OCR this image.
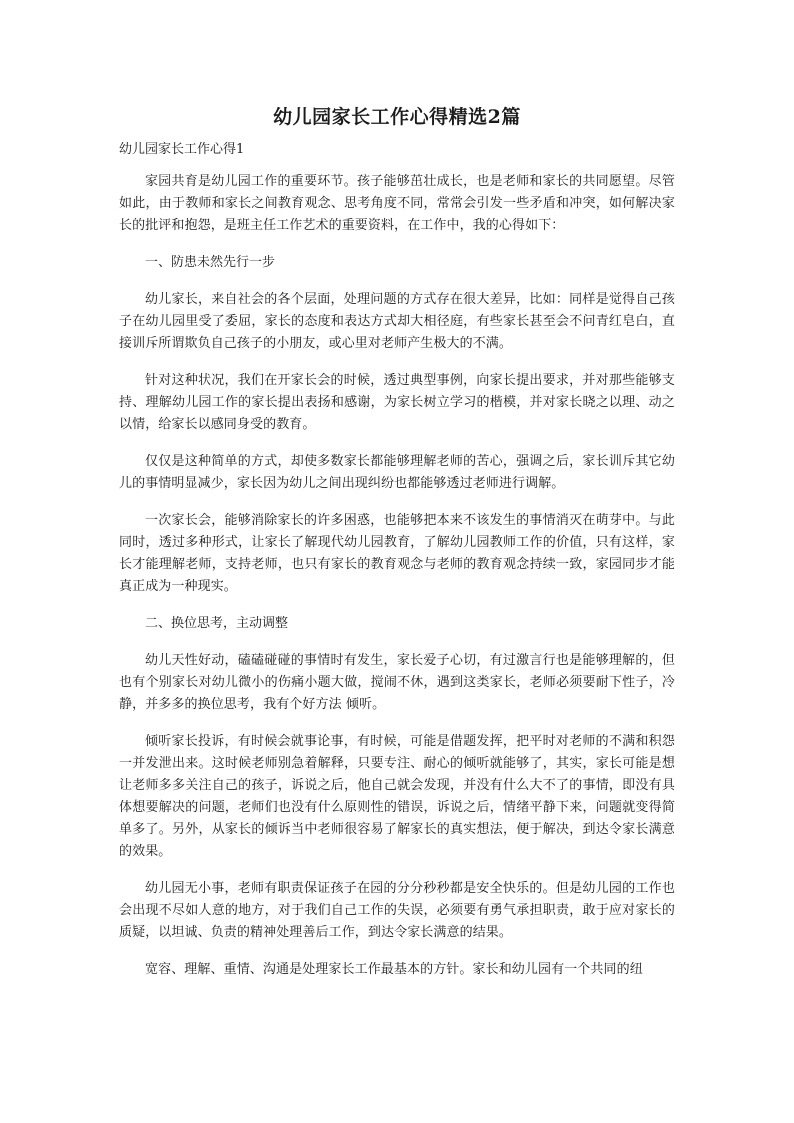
幼儿园家长工作心得精选2篇
幼儿园家长工作心得1

家园共育是幼儿园工作的重要环节。孩子能够茁壮成长，也是老师和家长的共同愿望。尽管如此，由于教师和家长之间教育观念、思考角度不同，常常会引发一些矛盾和冲突，如何解决家长的批评和抱怨，是班主任工作艺术的重要资料，在工作中，我的心得如下：

一、防患未然先行一步

幼儿家长，来自社会的各个层面，处理问题的方式存在很大差异，比如：同样是觉得自己孩子在幼儿园里受了委屈，家长的态度和表达方式却大相径庭，有些家长甚至会不问青红皂白，直接训斥所谓欺负自己孩子的小朋友，或心里对老师产生极大的不满。

针对这种状况，我们在开家长会的时候，透过典型事例，向家长提出要求，并对那些能够支持、理解幼儿园工作的家长提出表扬和感谢，为家长树立学习的楷模，并对家长晓之以理、动之以情，给家长以感同身受的教育。

仅仅是这种简单的方式，却使多数家长都能够理解老师的苦心，强调之后，家长训斥其它幼儿的事情明显减少，家长因为幼儿之间出现纠纷也都能够透过老师进行调解。

一次家长会，能够消除家长的许多困惑，也能够把本来不该发生的事情消灭在萌芽中。与此同时，透过多种形式，让家长了解现代幼儿园教育，了解幼儿园教师工作的价值，只有这样，家长才能理解老师，支持老师，也只有家长的教育观念与老师的教育观念持续一致，家园同步才能真正成为一种现实。

二、换位思考，主动调整

幼儿天性好动，磕磕碰碰的事情时有发生，家长爱子心切，有过激言行也是能够理解的，但也有个别家长对幼儿微小的伤痛小题大做，搅闹不休，遇到这类家长，老师必须要耐下性子，冷静，并多多的换位思考，我有个好方法 倾听。

倾听家长投诉，有时候会就事论事，有时候，可能是借题发挥，把平时对老师的不满和积怨一并发泄出来。这时候老师别急着解释，只要专注、耐心的倾听就能够了，其实，家长可能是想让老师多多关注自己的孩子，诉说之后，他自己就会发现，并没有什么大不了的事情，即没有具体想要解决的问题，老师们也没有什么原则性的错误，诉说之后，情绪平静下来，问题就变得简单多了。另外，从家长的倾诉当中老师很容易了解家长的真实想法，便于解决，到达令家长满意的效果。

幼儿园无小事，老师有职责保证孩子在园的分分秒秒都是安全快乐的。但是幼儿园的工作也会出现不尽如人意的地方，对于我们自己工作的失误，必须要有勇气承担职责，敢于应对家长的质疑，以坦诚、负责的精神处理善后工作，到达令家长满意的结果。

宽容、理解、重情、沟通是处理家长工作最基本的方针。家长和幼儿园有一个共同的纽
